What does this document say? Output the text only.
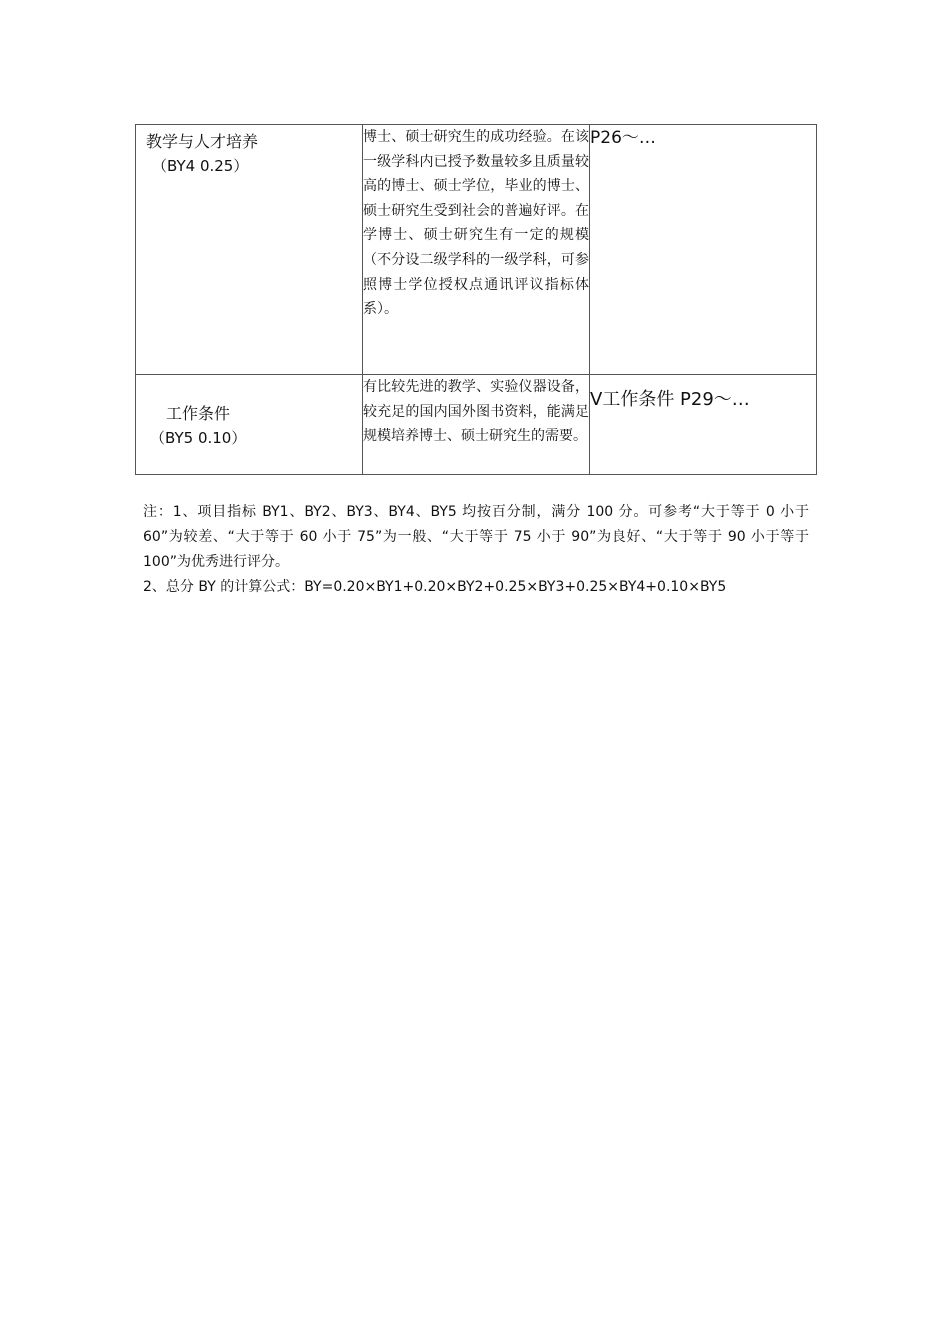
教学与人才培养
（BY4 0.25）	博士、硕士研究生的成功经验。在该一级学科内已授予数量较多且质量较高的博士、硕士学位，毕业的博士、硕士研究生受到社会的普遍好评。在学博士、硕士研究生有一定的规模（不分设二级学科的一级学科，可参照博士学位授权点通讯评议指标体系）。	P26～…

工作条件
（BY5 0.10）	有比较先进的教学、实验仪器设备，较充足的国内国外图书资料，能满足规模培养博士、硕士研究生的需要。	Ⅴ工作条件 P29～…

注：1、项目指标 BY1、BY2、BY3、BY4、BY5 均按百分制，满分 100 分。可参考“大于等于 0 小于 60”为较差、“大于等于 60 小于 75”为一般、“大于等于 75 小于 90”为良好、“大于等于 90 小于等于 100”为优秀进行评分。

2、总分 BY 的计算公式：BY=0.20×BY1+0.20×BY2+0.25×BY3+0.25×BY4+0.10×BY5
